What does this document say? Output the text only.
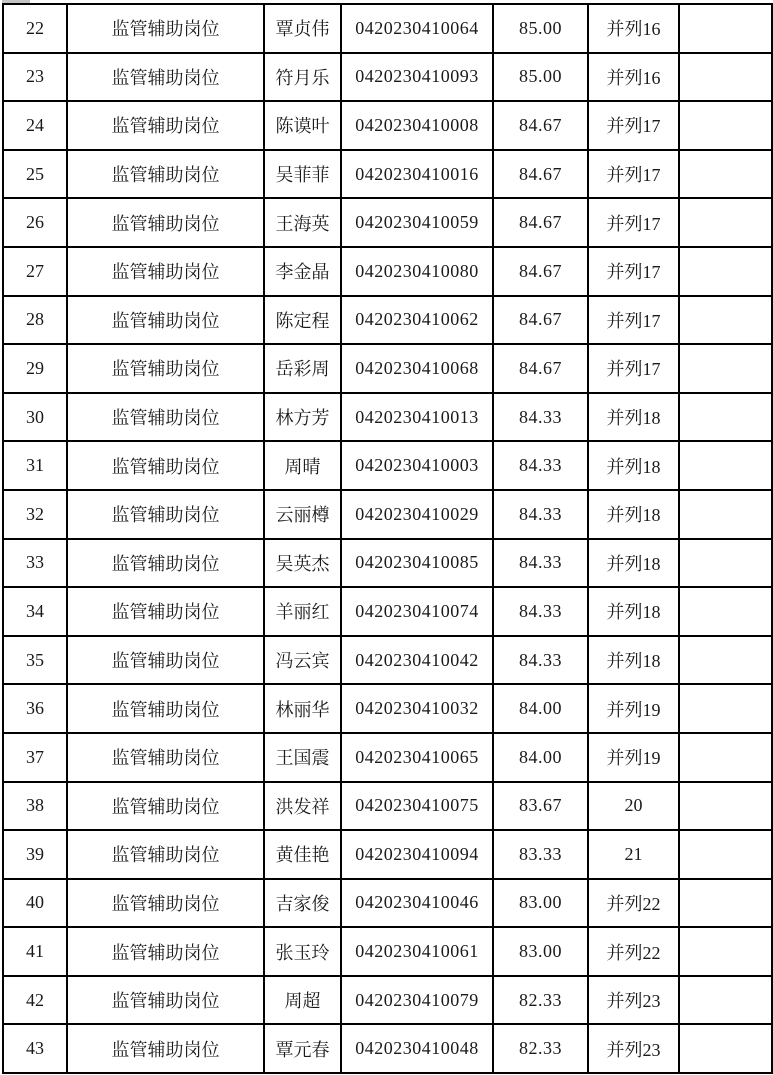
22	监管辅助岗位	覃贞伟	0420230410064	85.00	并列16	
23	监管辅助岗位	符月乐	0420230410093	85.00	并列16	
24	监管辅助岗位	陈谟叶	0420230410008	84.67	并列17	
25	监管辅助岗位	吴菲菲	0420230410016	84.67	并列17	
26	监管辅助岗位	王海英	0420230410059	84.67	并列17	
27	监管辅助岗位	李金晶	0420230410080	84.67	并列17	
28	监管辅助岗位	陈定程	0420230410062	84.67	并列17	
29	监管辅助岗位	岳彩周	0420230410068	84.67	并列17	
30	监管辅助岗位	林方芳	0420230410013	84.33	并列18	
31	监管辅助岗位	周晴	0420230410003	84.33	并列18	
32	监管辅助岗位	云丽樽	0420230410029	84.33	并列18	
33	监管辅助岗位	吴英杰	0420230410085	84.33	并列18	
34	监管辅助岗位	羊丽红	0420230410074	84.33	并列18	
35	监管辅助岗位	冯云宾	0420230410042	84.33	并列18	
36	监管辅助岗位	林丽华	0420230410032	84.00	并列19	
37	监管辅助岗位	王国震	0420230410065	84.00	并列19	
38	监管辅助岗位	洪发祥	0420230410075	83.67	20	
39	监管辅助岗位	黄佳艳	0420230410094	83.33	21	
40	监管辅助岗位	吉家俊	0420230410046	83.00	并列22	
41	监管辅助岗位	张玉玲	0420230410061	83.00	并列22	
42	监管辅助岗位	周超	0420230410079	82.33	并列23	
43	监管辅助岗位	覃元春	0420230410048	82.33	并列23	
